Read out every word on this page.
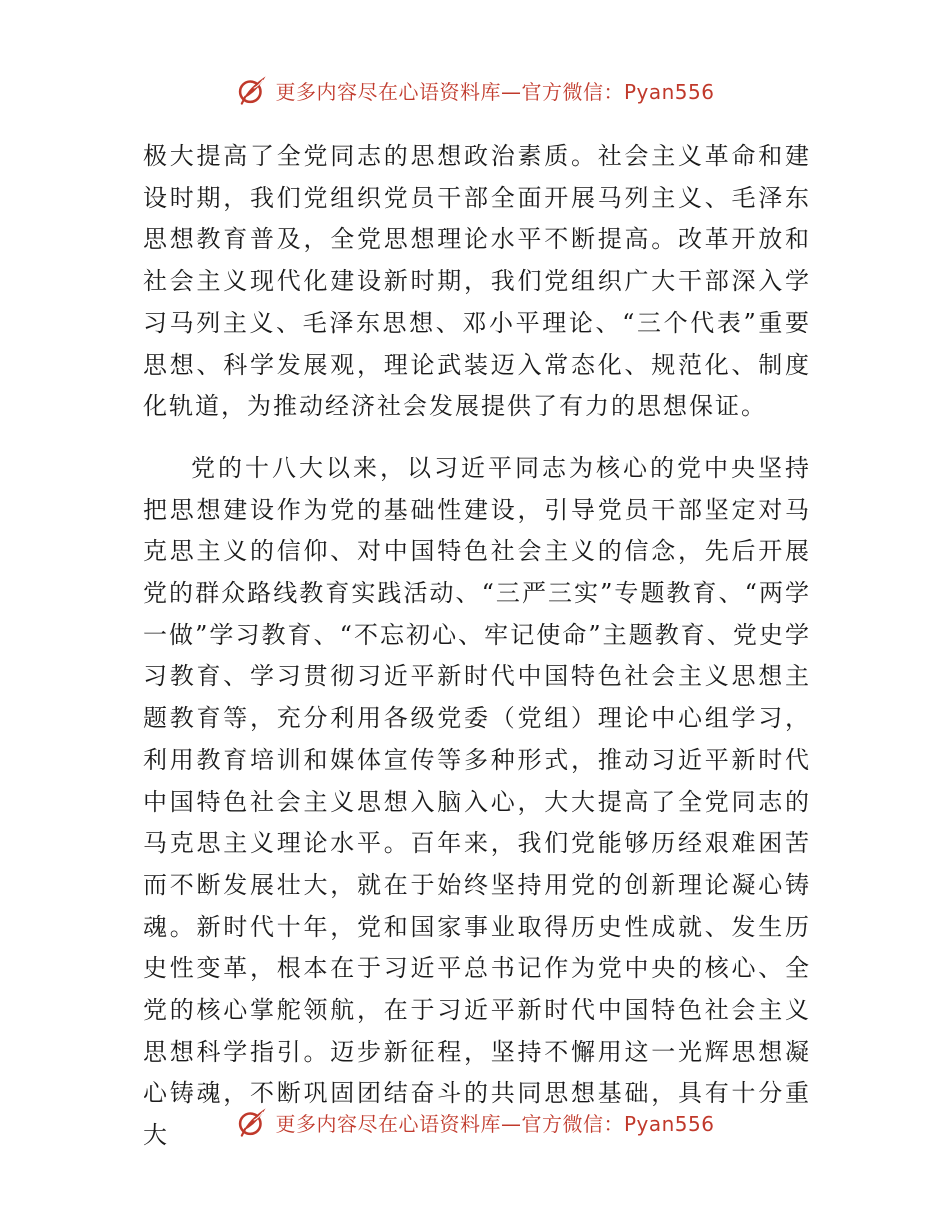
更多内容尽在心语资料库—官方微信：Pyan556

极大提高了全党同志的思想政治素质。社会主义革命和建设时期，我们党组织党员干部全面开展马列主义、毛泽东思想教育普及，全党思想理论水平不断提高。改革开放和社会主义现代化建设新时期，我们党组织广大干部深入学习马列主义、毛泽东思想、邓小平理论、“三个代表”重要思想、科学发展观，理论武装迈入常态化、规范化、制度化轨道，为推动经济社会发展提供了有力的思想保证。

党的十八大以来，以习近平同志为核心的党中央坚持把思想建设作为党的基础性建设，引导党员干部坚定对马克思主义的信仰、对中国特色社会主义的信念，先后开展党的群众路线教育实践活动、“三严三实”专题教育、“两学一做”学习教育、“不忘初心、牢记使命”主题教育、党史学习教育、学习贯彻习近平新时代中国特色社会主义思想主题教育等，充分利用各级党委（党组）理论中心组学习，利用教育培训和媒体宣传等多种形式，推动习近平新时代中国特色社会主义思想入脑入心，大大提高了全党同志的马克思主义理论水平。百年来，我们党能够历经艰难困苦而不断发展壮大，就在于始终坚持用党的创新理论凝心铸魂。新时代十年，党和国家事业取得历史性成就、发生历史性变革，根本在于习近平总书记作为党中央的核心、全党的核心掌舵领航，在于习近平新时代中国特色社会主义思想科学指引。迈步新征程，坚持不懈用这一光辉思想凝心铸魂，不断巩固团结奋斗的共同思想基础，具有十分重大	更多内容尽在心语资料库—官方微信：Pyan556
